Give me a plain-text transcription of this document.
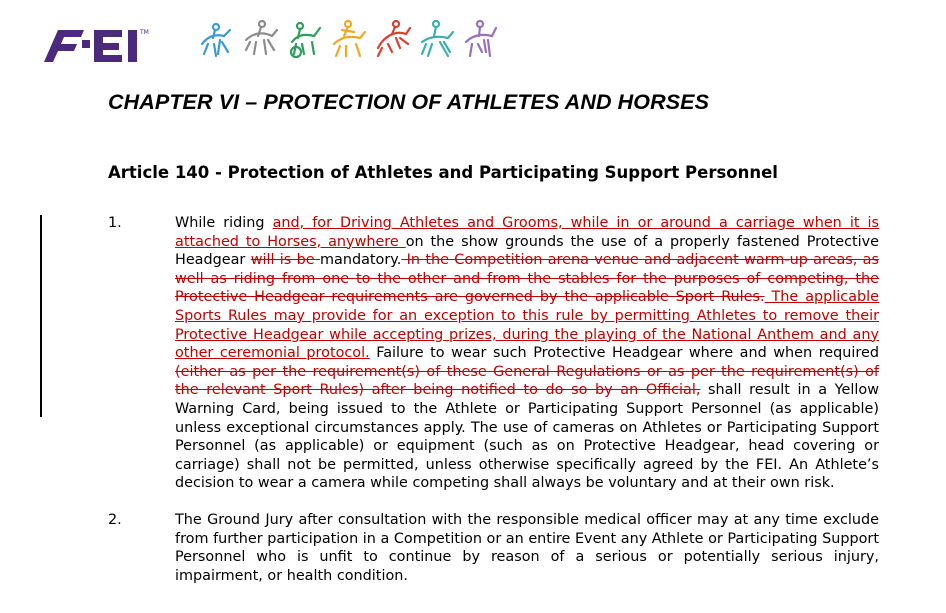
TM
CHAPTER VI – PROTECTION OF ATHLETES AND HORSES
Article 140 - Protection of Athletes and Participating Support Personnel
1.	While riding and, for Driving Athletes and Grooms, while in or around a carriage when it is attached to Horses, anywhere on the show grounds the use of a properly fastened Protective Headgear will is be mandatory. In the Competition arena venue and adjacent warm-up areas, as well as riding from one to the other and from the stables for the purposes of competing, the Protective Headgear requirements are governed by the applicable Sport Rules. The applicable Sports Rules may provide for an exception to this rule by permitting Athletes to remove their Protective Headgear while accepting prizes, during the playing of the National Anthem and any other ceremonial protocol. Failure to wear such Protective Headgear where and when required (either as per the requirement(s) of these General Regulations or as per the requirement(s) of the relevant Sport Rules) after being notified to do so by an Official, shall result in a Yellow Warning Card, being issued to the Athlete or Participating Support Personnel (as applicable) unless exceptional circumstances apply. The use of cameras on Athletes or Participating Support Personnel (as applicable) or equipment (such as on Protective Headgear, head covering or carriage) shall not be permitted, unless otherwise specifically agreed by the FEI. An Athlete’s decision to wear a camera while competing shall always be voluntary and at their own risk.
2.	The Ground Jury after consultation with the responsible medical officer may at any time exclude from further participation in a Competition or an entire Event any Athlete or Participating Support Personnel who is unfit to continue by reason of a serious or potentially serious injury, impairment, or health condition.
